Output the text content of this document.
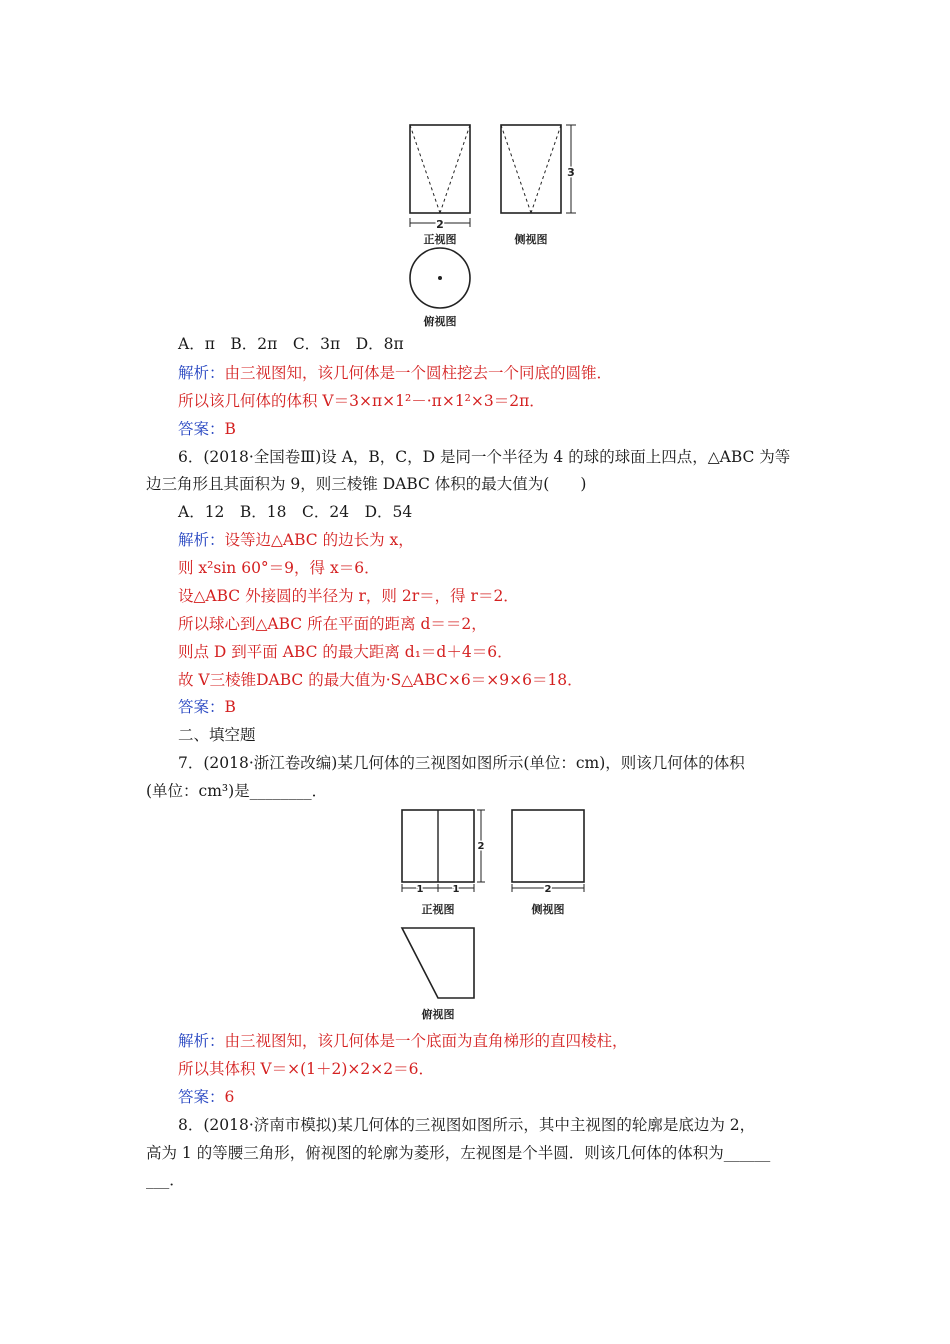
2
正视图
3
侧视图
俯视图
A．π　B．2π　C．3π　D．8π
解析：由三视图知，该几何体是一个圆柱挖去一个同底的圆锥．
所以该几何体的体积 V＝3×π×1²－·π×1²×3＝2π．
答案：B
6．(2018·全国卷Ⅲ)设 A，B，C，D 是同一个半径为 4 的球的球面上四点，△ABC 为等
边三角形且其面积为 9，则三棱锥 DABC 体积的最大值为(　　)
A．12　B．18　C．24　D．54
解析：设等边△ABC 的边长为 x，
则 x²sin 60°＝9，得 x＝6．
设△ABC 外接圆的半径为 r，则 2r＝，得 r＝2．
所以球心到△ABC 所在平面的距离 d＝＝2，
则点 D 到平面 ABC 的最大距离 d₁＝d＋4＝6．
故 V三棱锥DABC 的最大值为·S△ABC×6＝×9×6＝18．
答案：B
二、填空题
7．(2018·浙江卷改编)某几何体的三视图如图所示(单位：cm)，则该几何体的体积
(单位：cm³)是________．
1	1
2
正视图
2
侧视图
俯视图
解析：由三视图知，该几何体是一个底面为直角梯形的直四棱柱，
所以其体积 V＝×(1＋2)×2×2＝6．
答案：6
8．(2018·济南市模拟)某几何体的三视图如图所示，其中主视图的轮廓是底边为 2，
高为 1 的等腰三角形，俯视图的轮廓为菱形，左视图是个半圆．则该几何体的体积为______
___．
